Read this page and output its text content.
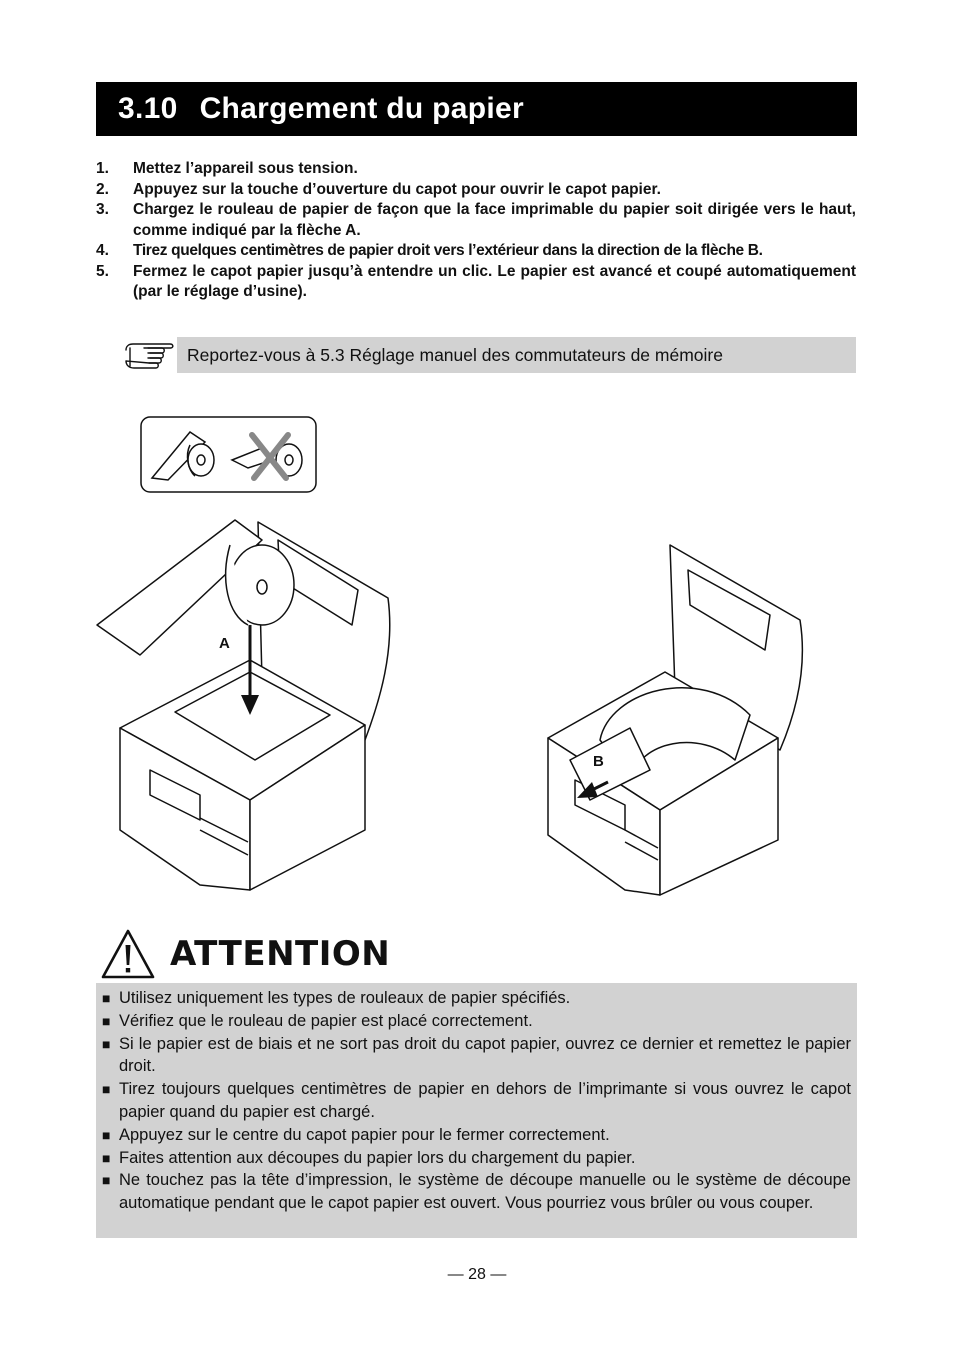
3.10 Chargement du papier
1.	Mettez l’appareil sous tension.
2.	Appuyez sur la touche d’ouverture du capot pour ouvrir le capot papier.
3.	Chargez le rouleau de papier de façon que la face imprimable du papier soit dirigée vers le haut, comme indiqué par la flèche A.
4.	Tirez quelques centimètres de papier droit vers l’extérieur dans la direction de la flèche B.
5.	Fermez le capot papier jusqu’à entendre un clic. Le papier est avancé et coupé automatiquement (par le réglage d’usine).
Reportez-vous à 5.3 Réglage manuel des commutateurs de mémoire
A
B
ATTENTION
■ Utilisez uniquement les types de rouleaux de papier spécifiés.
■ Vérifiez que le rouleau de papier est placé correctement.
■ Si le papier est de biais et ne sort pas droit du capot papier, ouvrez ce dernier et remettez le papier droit.
■ Tirez toujours quelques centimètres de papier en dehors de l’imprimante si vous ouvrez le capot papier quand du papier est chargé.
■ Appuyez sur le centre du capot papier pour le fermer correctement.
■ Faites attention aux découpes du papier lors du chargement du papier.
■ Ne touchez pas la tête d’impression, le système de découpe manuelle ou le système de découpe automatique pendant que le capot papier est ouvert. Vous pourriez vous brûler ou vous couper.
— 28 —
